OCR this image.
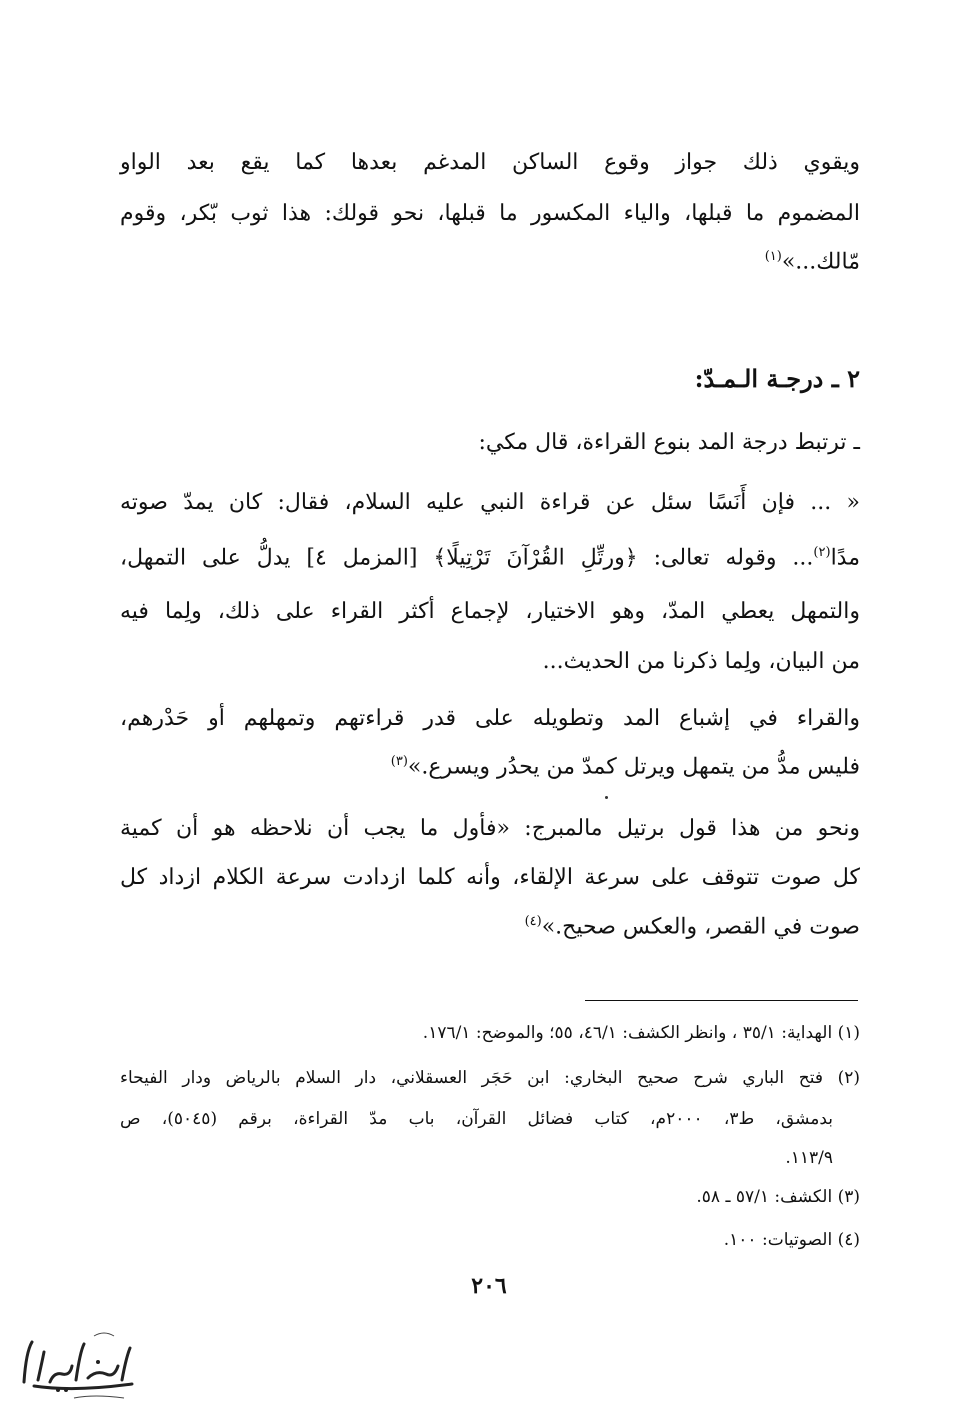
ويقوي ذلك جواز وقوع الساكن المدغم بعدها كما يقع بعد الواو
المضموم ما قبلها، والياء المكسور ما قبلها، نحو قولك: هذا ثوب بّكر، وقوم
مّالك...»$^{(١)}$
٢ ـ درجـة الـمـدّ:
ـ ترتبط درجة المد بنوع القراءة، قال مكي:
« ... فإن أَنَسًا سئل عن قراءة النبي عليه السلام، فقال: كان يمدّ صوته
مدًا$^{(٢)}$... وقوله تعالى: ﴿ورتِّلِ القُرْآنَ تَرْتِيلًا﴾ [المزمل ٤] يدلُّ على التمهل،
والتمهل يعطي المدّ، وهو الاختيار، لإجماع أكثر القراء على ذلك، ولِما فيه
من البيان، ولِما ذكرنا من الحديث...
والقراء في إشباع المد وتطويله على قدر قراءتهم وتمهلهم أو حَدْرهم،
فليس مدُّ من يتمهل ويرتل كمدّ من يحدُر ويسرع.»$^{(٣)}$
ونحو من هذا قول برتيل مالمبرج: «فأول ما يجب أن نلاحظه هو أن كمية
كل صوت تتوقف على سرعة الإلقاء، وأنه كلما ازدادت سرعة الكلام ازداد كل
صوت في القصر، والعكس صحيح.»$^{(٤)}$
(١) الهداية: ٣٥/١ ، وانظر الكشف: ٤٦/١، ٥٥؛ والموضح: ١٧٦/١.
(٢) فتح الباري شرح صحيح البخاري: ابن حَجَر العسقلاني، دار السلام بالرياض ودار الفيحاء
بدمشق، ط٣، ٢٠٠٠م، كتاب فضائل القرآن، باب مدّ القراءة، برقم (٥٠٤٥)، ص
١١٣/٩.
(٣) الكشف: ٥٧/١ ـ ٥٨.
(٤) الصوتيات: ١٠٠.
٢٠٦
